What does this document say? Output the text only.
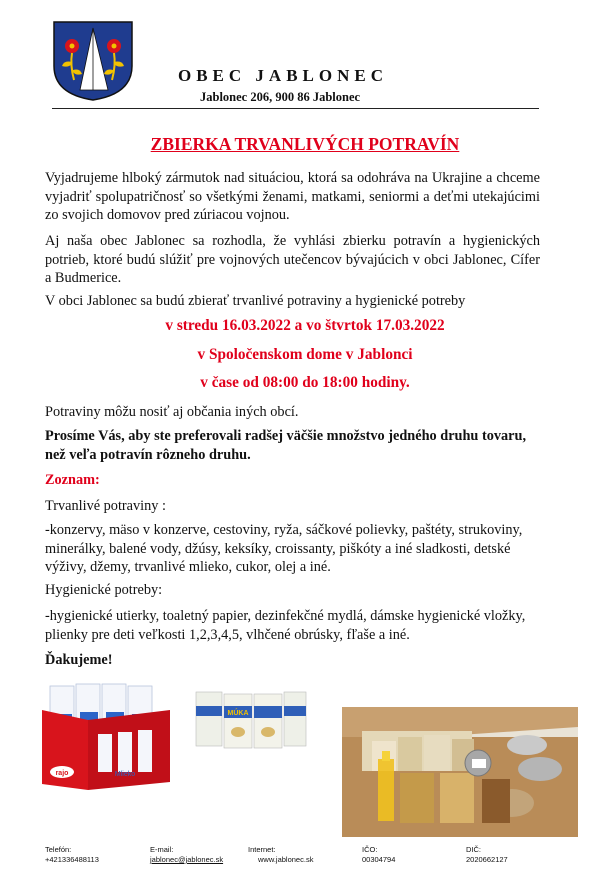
OBEC JABLONEC
Jablonec 206, 900 86 Jablonec
ZBIERKA TRVANLIVÝCH POTRAVÍN
Vyjadrujeme hlboký zármutok nad situáciou, ktorá sa odohráva na Ukrajine a chceme vyjadriť spolupatričnosť so všetkými ženami, matkami, seniormi a deťmi utekajúcimi zo svojich domovov pred zúriacou vojnou.
Aj naša obec Jablonec sa rozhodla, že vyhlási zbierku potravín a hygienických potrieb, ktoré budú slúžiť pre vojnových utečencov bývajúcich v obci Jablonec, Cífer a Budmerice.
V obci Jablonec sa budú zbierať trvanlivé potraviny a hygienické potreby
v stredu 16.03.2022 a vo štvrtok 17.03.2022
v Spoločenskom dome v Jablonci
v čase od 08:00 do 18:00 hodiny.
Potraviny môžu nosiť aj občania iných obcí.
Prosíme Vás, aby ste preferovali radšej väčšie množstvo jedného druhu tovaru, než veľa potravín rôzneho druhu.
Zoznam:
Trvanlivé potraviny :
-konzervy, mäso v konzerve, cestoviny, ryža, sáčkové polievky, paštéty, strukoviny, minerálky, balené vody, džúsy, keksíky, croissanty, piškóty a iné sladkosti, detské výživy, džemy, trvanlivé mlieko, cukor, olej a iné.
Hygienické potreby:
-hygienické utierky, toaletný papier, dezinfekčné mydlá, dámske hygienické vložky, plienky pre deti veľkosti 1,2,3,4,5, vlhčené obrúsky, fľaše a iné.
Ďakujeme!
rajo	Mlieko
MÚKA
Telefón:
+421336488113
E-mail:
jablonec@jablonec.sk
Internet:
www.jablonec.sk
IČO:
00304794
DIČ:
2020662127
